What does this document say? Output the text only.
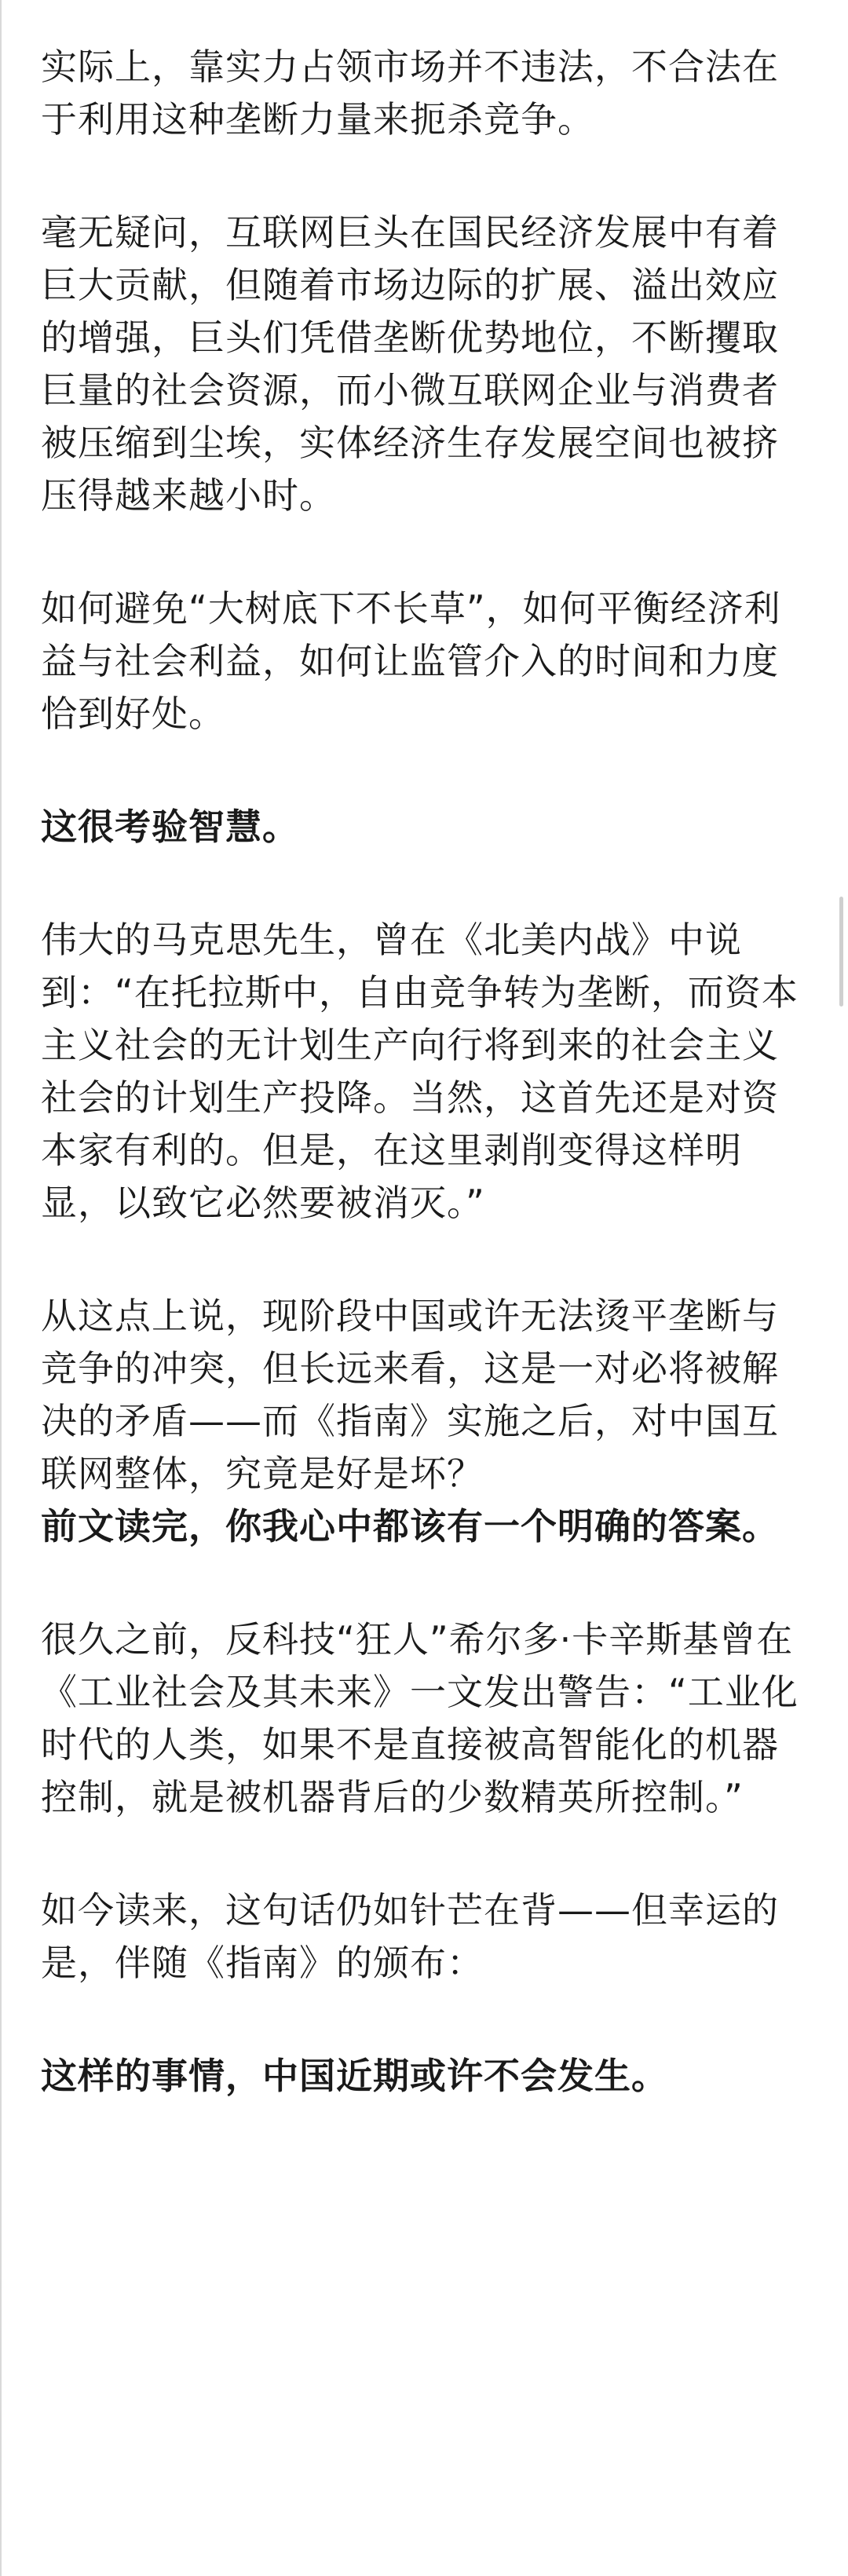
实际上，靠实力占领市场并不违法，不合法在于利用这种垄断力量来扼杀竞争。

毫无疑问，互联网巨头在国民经济发展中有着巨大贡献，但随着市场边际的扩展、溢出效应的增强，巨头们凭借垄断优势地位，不断攫取巨量的社会资源，而小微互联网企业与消费者被压缩到尘埃，实体经济生存发展空间也被挤压得越来越小时。

如何避免“大树底下不长草”，如何平衡经济利益与社会利益，如何让监管介入的时间和力度恰到好处。

这很考验智慧。

伟大的马克思先生，曾在《北美内战》中说到：“在托拉斯中，自由竞争转为垄断，而资本主义社会的无计划生产向行将到来的社会主义社会的计划生产投降。当然，这首先还是对资本家有利的。但是，在这里剥削变得这样明显，以致它必然要被消灭。”

从这点上说，现阶段中国或许无法烫平垄断与竞争的冲突，但长远来看，这是一对必将被解决的矛盾——而《指南》实施之后，对中国互联网整体，究竟是好是坏？

前文读完，你我心中都该有一个明确的答案。

很久之前，反科技“狂人”希尔多·卡辛斯基曾在《工业社会及其未来》一文发出警告：“工业化时代的人类，如果不是直接被高智能化的机器控制，就是被机器背后的少数精英所控制。”

如今读来，这句话仍如针芒在背——但幸运的是，伴随《指南》的颁布：

这样的事情，中国近期或许不会发生。
